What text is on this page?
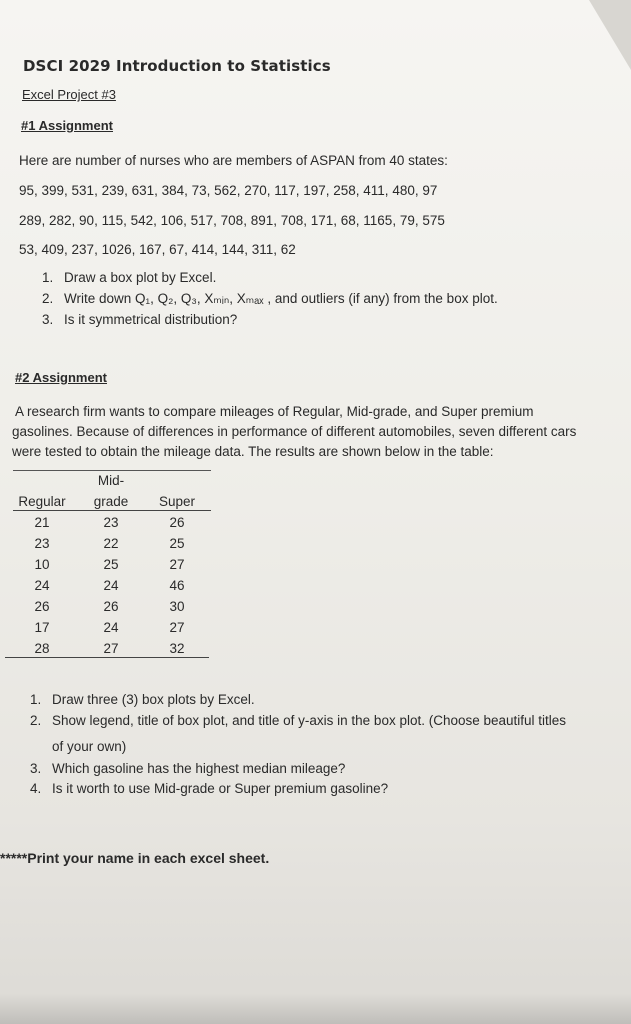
DSCI 2029 Introduction to Statistics
Excel Project #3
#1 Assignment
Here are number of nurses who are members of ASPAN from 40 states:
95, 399, 531, 239, 631, 384, 73, 562, 270, 117, 197, 258, 411, 480, 97
289, 282, 90, 115, 542, 106, 517, 708, 891, 708, 171, 68, 1165, 79, 575
53, 409, 237, 1026, 167, 67, 414, 144, 311, 62
1. Draw a box plot by Excel.
2. Write down Q₁, Q₂, Q₃, Xₘᵢₙ, Xₘₐₓ , and outliers (if any) from the box plot.
3. Is it symmetrical distribution?
#2 Assignment
A research firm wants to compare mileages of Regular, Mid-grade, and Super premium
gasolines. Because of differences in performance of different automobiles, seven different cars
were tested to obtain the mileage data. The results are shown below in the table:
	Mid-	
Regular	grade	Super
21	23	26
23	22	25
10	25	27
24	24	46
26	26	30
17	24	27
28	27	32
1. Draw three (3) box plots by Excel.
2. Show legend, title of box plot, and title of y-axis in the box plot. (Choose beautiful titles
of your own)
3. Which gasoline has the highest median mileage?
4. Is it worth to use Mid-grade or Super premium gasoline?
*****Print your name in each excel sheet.
